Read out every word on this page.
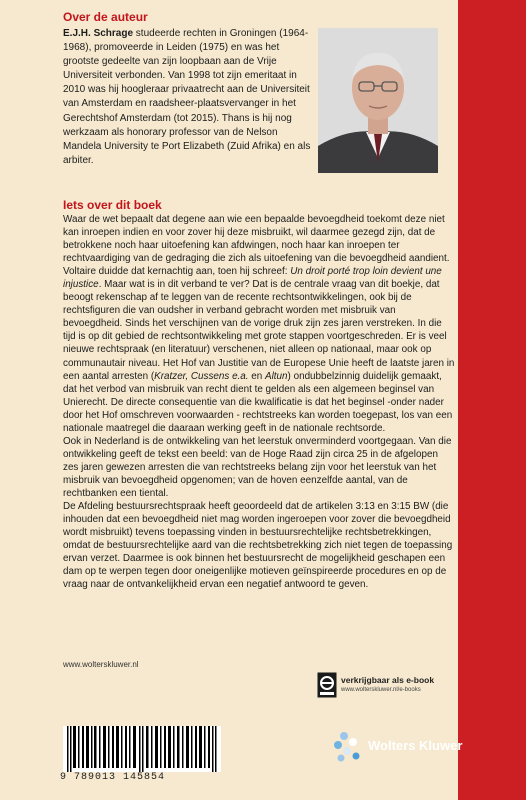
Over de auteur

E.J.H. Schrage studeerde rechten in Groningen (1964-1968), promoveerde in Leiden (1975) en was het grootste gedeelte van zijn loopbaan aan de Vrije Universiteit verbonden. Van 1998 tot zijn emeritaat in 2010 was hij hoogleraar privaatrecht aan de Universiteit van Amsterdam en raadsheer-plaatsvervanger in het Gerechtshof Amsterdam (tot 2015). Thans is hij nog werkzaam als honorary professor van de Nelson Mandela University te Port Elizabeth (Zuid Afrika) en als arbiter.

Iets over dit boek
Waar de wet bepaalt dat degene aan wie een bepaalde bevoegdheid toekomt deze niet kan inroepen indien en voor zover hij deze misbruikt, wil daarmee gezegd zijn, dat de betrokkene noch haar uitoefening kan afdwingen, noch haar kan inroepen ter rechtvaardiging van de gedraging die zich als uitoefening van die bevoegdheid aandient. Voltaire duidde dat kernachtig aan, toen hij schreef: Un droit porté trop loin devient une injustice. Maar wat is in dit verband te ver? Dat is de centrale vraag van dit boekje, dat beoogt rekenschap af te leggen van de recente rechtsontwikkelingen, ook bij de rechtsfiguren die van oudsher in verband gebracht worden met misbruik van bevoegdheid. Sinds het verschijnen van de vorige druk zijn zes jaren verstreken. In die tijd is op dit gebied de rechtsontwikkeling met grote stappen voortgeschreden. Er is veel nieuwe rechtspraak (en literatuur) verschenen, niet alleen op nationaal, maar ook op communautair niveau. Het Hof van Justitie van de Europese Unie heeft de laatste jaren in een aantal arresten (Kratzer, Cussens e.a. en Altun) ondubbelzinnig duidelijk gemaakt, dat het verbod van misbruik van recht dient te gelden als een algemeen beginsel van Unierecht. De directe consequentie van die kwalificatie is dat het beginsel -onder nader door het Hof omschreven voorwaarden - rechtstreeks kan worden toegepast, los van een nationale maatregel die daaraan werking geeft in de nationale rechtsorde.
Ook in Nederland is de ontwikkeling van het leerstuk onverminderd voortgegaan. Van die ontwikkeling geeft de tekst een beeld: van de Hoge Raad zijn circa 25 in de afgelopen zes jaren gewezen arresten die van rechtstreeks belang zijn voor het leerstuk van het misbruik van bevoegdheid opgenomen; van de hoven eenzelfde aantal, van de rechtbanken een tiental.
De Afdeling bestuursrechtspraak heeft geoordeeld dat de artikelen 3:13 en 3:15 BW (die inhouden dat een bevoegdheid niet mag worden ingeroepen voor zover die bevoegdheid wordt misbruikt) tevens toepassing vinden in bestuursrechtelijke rechtsbetrekkingen, omdat de bestuursrechtelijke aard van die rechtsbetrekking zich niet tegen de toepassing ervan verzet. Daarmee is ook binnen het bestuursrecht de mogelijkheid geschapen een dam op te werpen tegen door oneigenlijke motieven geïnspireerde procedures en op de vraag naar de ontvankelijkheid ervan een negatief antwoord te geven.
www.wolterskluwer.nl
verkrijgbaar als e-book
www.wolterskluwer.nl/e-books
9 789013 145854
Wolters Kluwer
